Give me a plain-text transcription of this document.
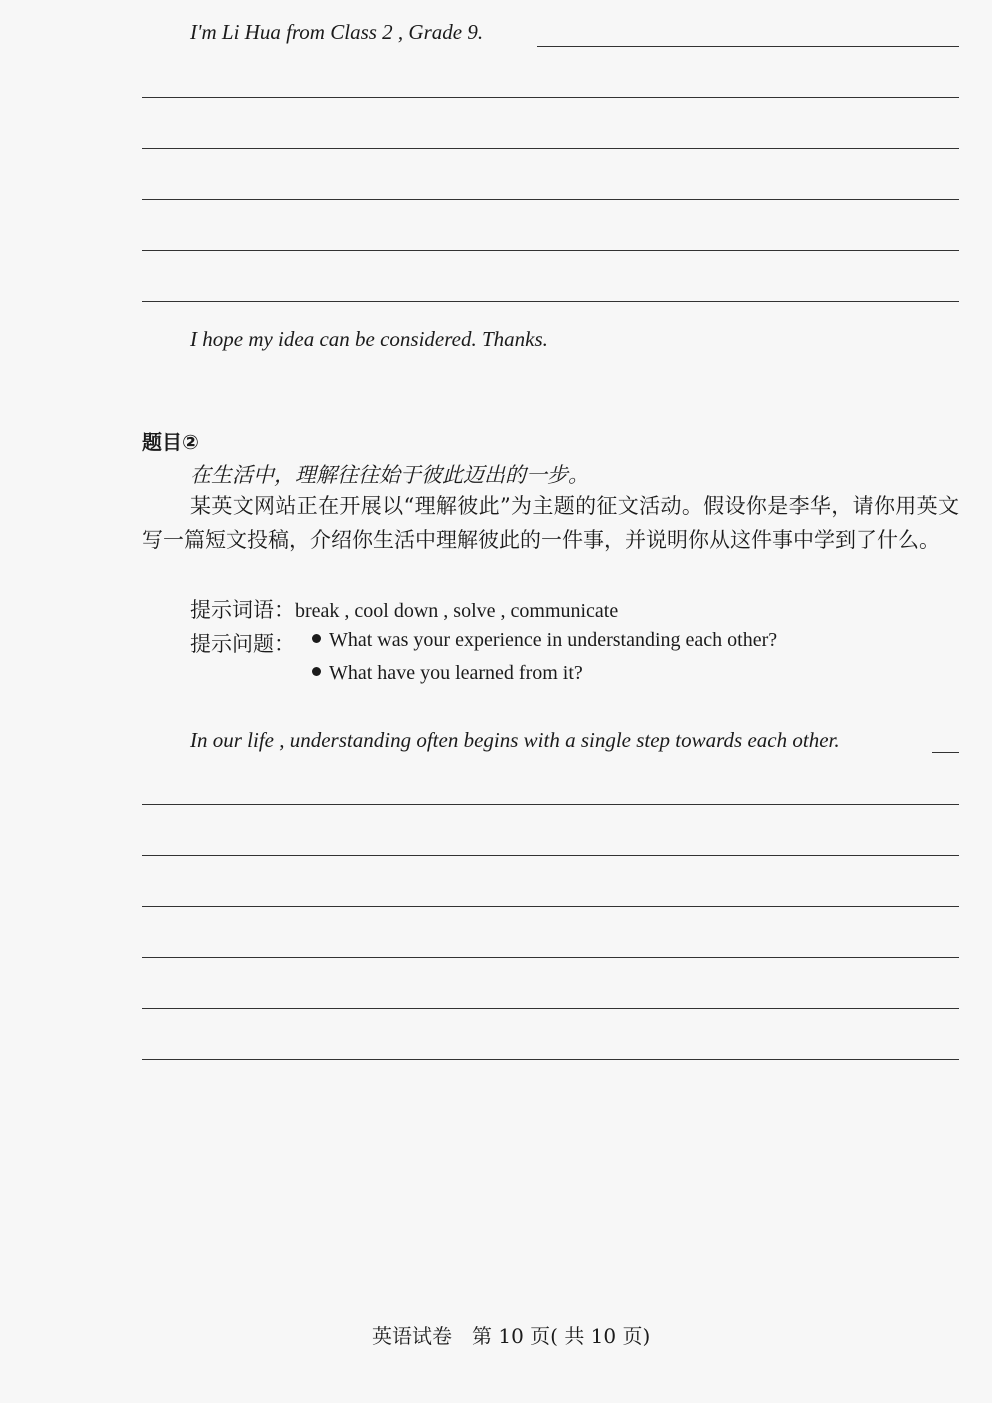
I'm Li Hua from Class 2 , Grade 9.
I hope my idea can be considered. Thanks.
题目②
在生活中，理解往往始于彼此迈出的一步。
某英文网站正在开展以“理解彼此”为主题的征文活动。假设你是李华，请你用英文写一篇短文投稿，介绍你生活中理解彼此的一件事，并说明你从这件事中学到了什么。
提示词语：break , cool down , solve , communicate
提示问题：	What was your experience in understanding each other?
What have you learned from it?
In our life , understanding often begins with a single step towards each other.
英语试卷　第 10 页( 共 10 页)
